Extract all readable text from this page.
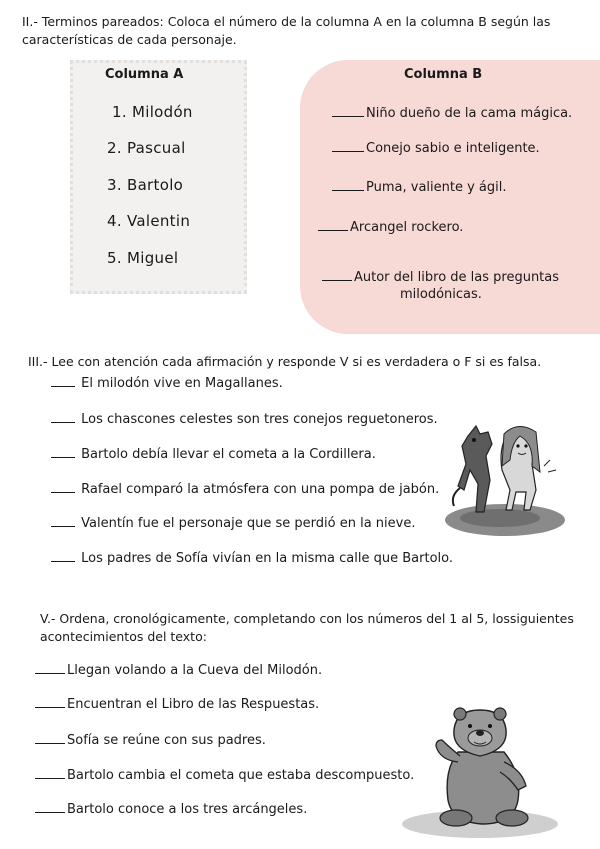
II.- Terminos pareados: Coloca el número de la columna A en la columna B según las
características de cada personaje.
Columna A	Columna B
1. Milodón
2. Pascual
3. Bartolo
4. Valentin
5. Miguel
Niño dueño de la cama mágica.
Conejo sabio e inteligente.
Puma, valiente y ágil.
Arcangel rockero.
Autor del libro de las preguntas
milodónicas.
III.- Lee con atención cada afirmación y responde V si es verdadera o F si es falsa.
El milodón vive en Magallanes.
Los chascones celestes son tres conejos reguetoneros.
Bartolo debía llevar el cometa a la Cordillera.
Rafael comparó la atmósfera con una pompa de jabón.
Valentín fue el personaje que se perdió en la nieve.
Los padres de Sofía vivían en la misma calle que Bartolo.
V.- Ordena, cronológicamente, completando con los números del 1 al 5, lossiguientes
acontecimientos del texto:
Llegan volando a la Cueva del Milodón.
Encuentran el Libro de las Respuestas.
Sofía se reúne con sus padres.
Bartolo cambia el cometa que estaba descompuesto.
Bartolo conoce a los tres arcángeles.
